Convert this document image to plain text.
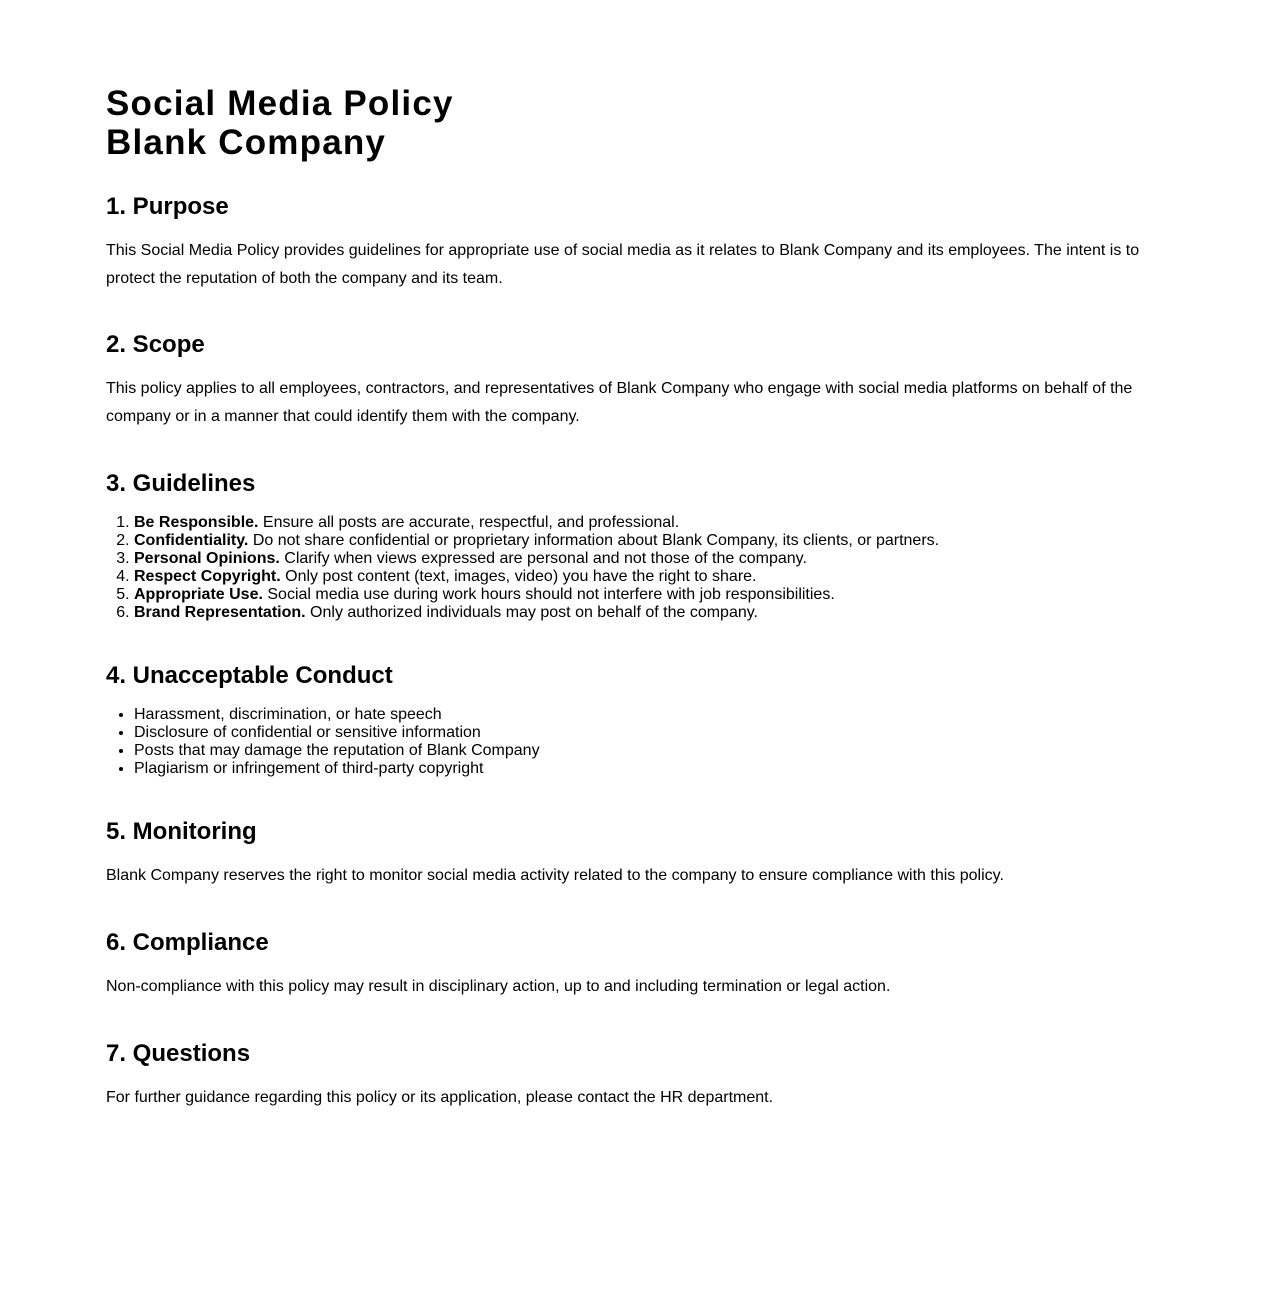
Social Media Policy
Blank Company
1. Purpose

This Social Media Policy provides guidelines for appropriate use of social media as it relates to Blank Company and its employees. The intent is to protect the reputation of both the company and its team.

2. Scope

This policy applies to all employees, contractors, and representatives of Blank Company who engage with social media platforms on behalf of the company or in a manner that could identify them with the company.

3. Guidelines
1. Be Responsible. Ensure all posts are accurate, respectful, and professional.
2. Confidentiality. Do not share confidential or proprietary information about Blank Company, its clients, or partners.
3. Personal Opinions. Clarify when views expressed are personal and not those of the company.
4. Respect Copyright. Only post content (text, images, video) you have the right to share.
5. Appropriate Use. Social media use during work hours should not interfere with job responsibilities.
6. Brand Representation. Only authorized individuals may post on behalf of the company.
4. Unacceptable Conduct
• Harassment, discrimination, or hate speech
• Disclosure of confidential or sensitive information
• Posts that may damage the reputation of Blank Company
• Plagiarism or infringement of third-party copyright
5. Monitoring

Blank Company reserves the right to monitor social media activity related to the company to ensure compliance with this policy.

6. Compliance

Non-compliance with this policy may result in disciplinary action, up to and including termination or legal action.

7. Questions

For further guidance regarding this policy or its application, please contact the HR department.
